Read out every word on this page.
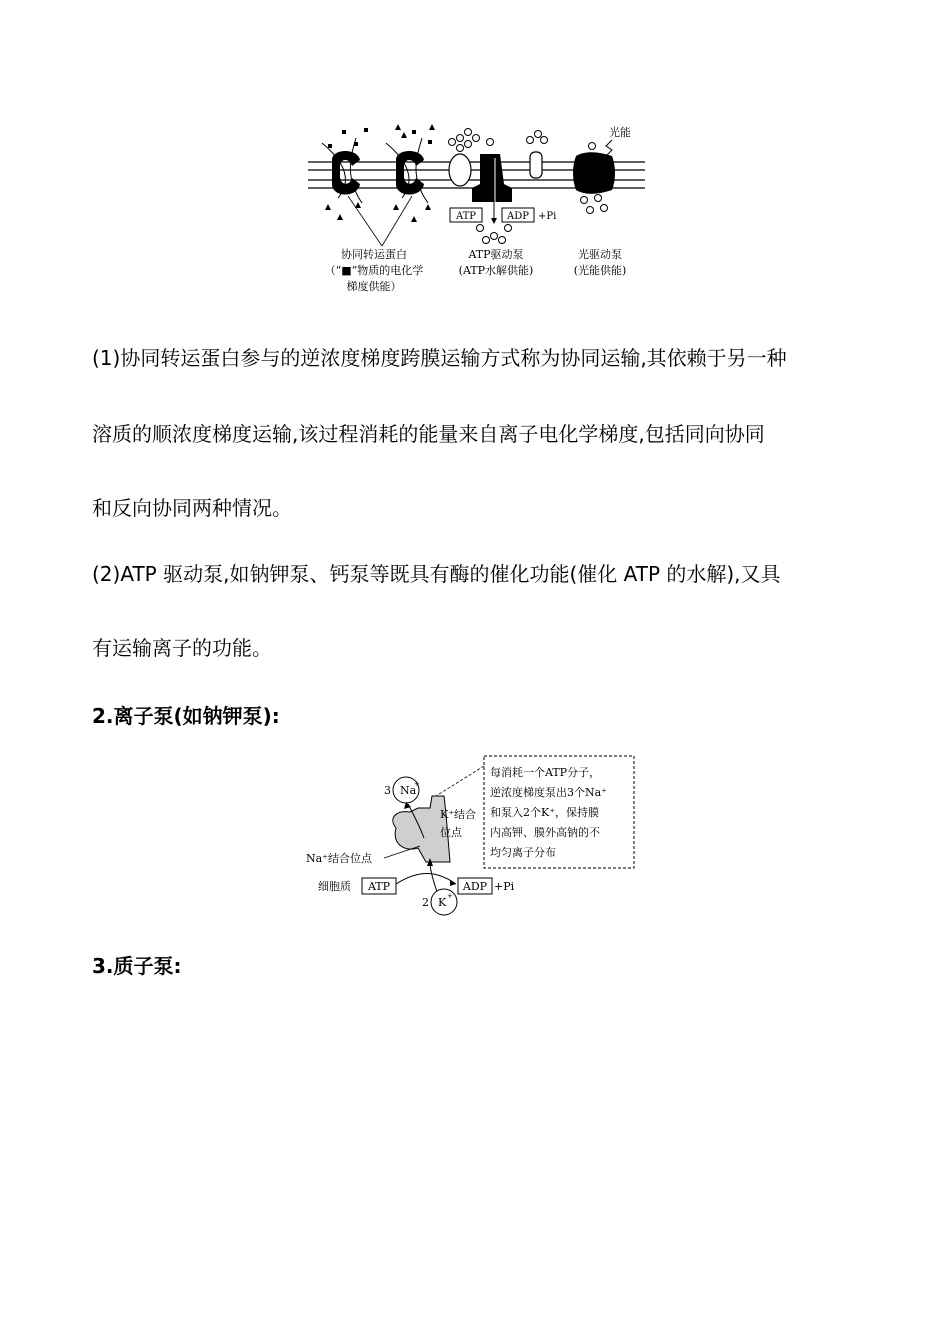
ATP	ADP +Pi
光能
协同转运蛋白
（“■”物质的电化学
梯度供能）
ATP驱动泵
(ATP水解供能)
光驱动泵
(光能供能)

(1)协同转运蛋白参与的逆浓度梯度跨膜运输方式称为协同运输,其依赖于另一种

溶质的顺浓度梯度运输,该过程消耗的能量来自离子电化学梯度,包括同向协同

和反向协同两种情况。

(2)ATP 驱动泵,如钠钾泵、钙泵等既具有酶的催化功能(催化 ATP 的水解),又具

有运输离子的功能。

2.离子泵(如钠钾泵):
每消耗一个ATP分子，
逆浓度梯度泵出3个Na⁺
和泵入2个K⁺，保持膜
内高钾、膜外高钠的不
均匀离子分布
3 Na
+
K⁺结合
位点
Na⁺结合位点
细胞质 ATP	ADP +Pi
2 K +
3.质子泵:
